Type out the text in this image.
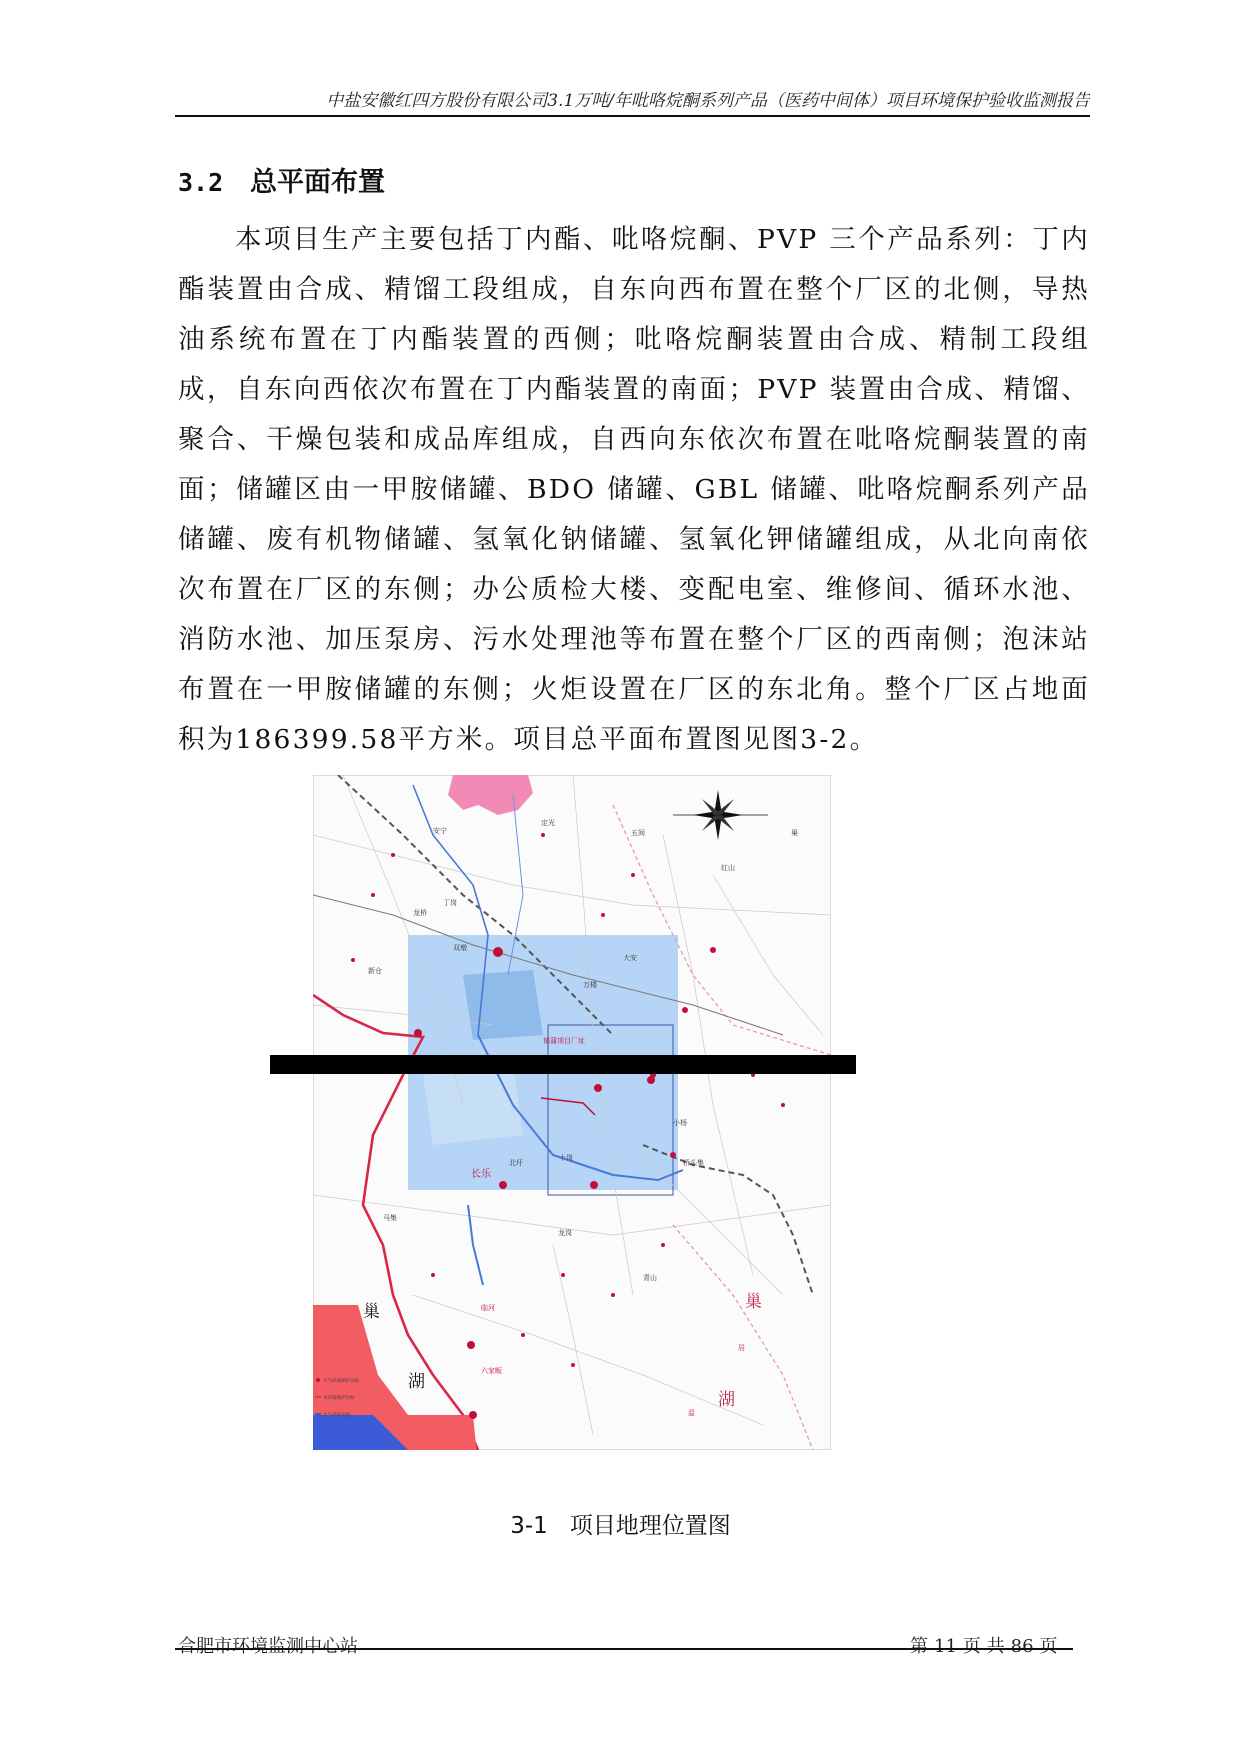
中盐安徽红四方股份有限公司3.1万吨/年吡咯烷酮系列产品（医药中间体）项目环境保护验收监测报告
3.2 总平面布置

本项目生产主要包括丁内酯、吡咯烷酮、PVP 三个产品系列：丁内酯装置由合成、精馏工段组成，自东向西布置在整个厂区的北侧，导热油系统布置在丁内酯装置的西侧；吡咯烷酮装置由合成、精制工段组成，自东向西依次布置在丁内酯装置的南面；PVP 装置由合成、精馏、聚合、干燥包装和成品库组成，自西向东依次布置在吡咯烷酮装置的南面；储罐区由一甲胺储罐、BDO 储罐、GBL 储罐、吡咯烷酮系列产品储罐、废有机物储罐、氢氧化钠储罐、氢氧化钾储罐组成，从北向南依次布置在厂区的东侧；办公质检大楼、变配电室、维修间、循环水池、消防水池、加压泵房、污水处理池等布置在整个厂区的西南侧；泡沫站布置在一甲胺储罐的东侧；火炬设置在厂区的东北角。整个厂区占地面积为186399.58平方米。项目总平面布置图见图3-2。

定光
安宁	五间
红山
长乐
北圩
十岗
龙桥
丁岗
万楼
大安
六家畈
临河
双墩
新仓
桥头集
龙岗
马集
小杨
青山
郁蒲项目厂址
巢
湖
巢
湖
居
巢
温
大气环境保护目标
水环境保护目标
大气评价范围
3-1   项目地理位置图
合肥市环境监测中心站	第 11 页 共 86 页
